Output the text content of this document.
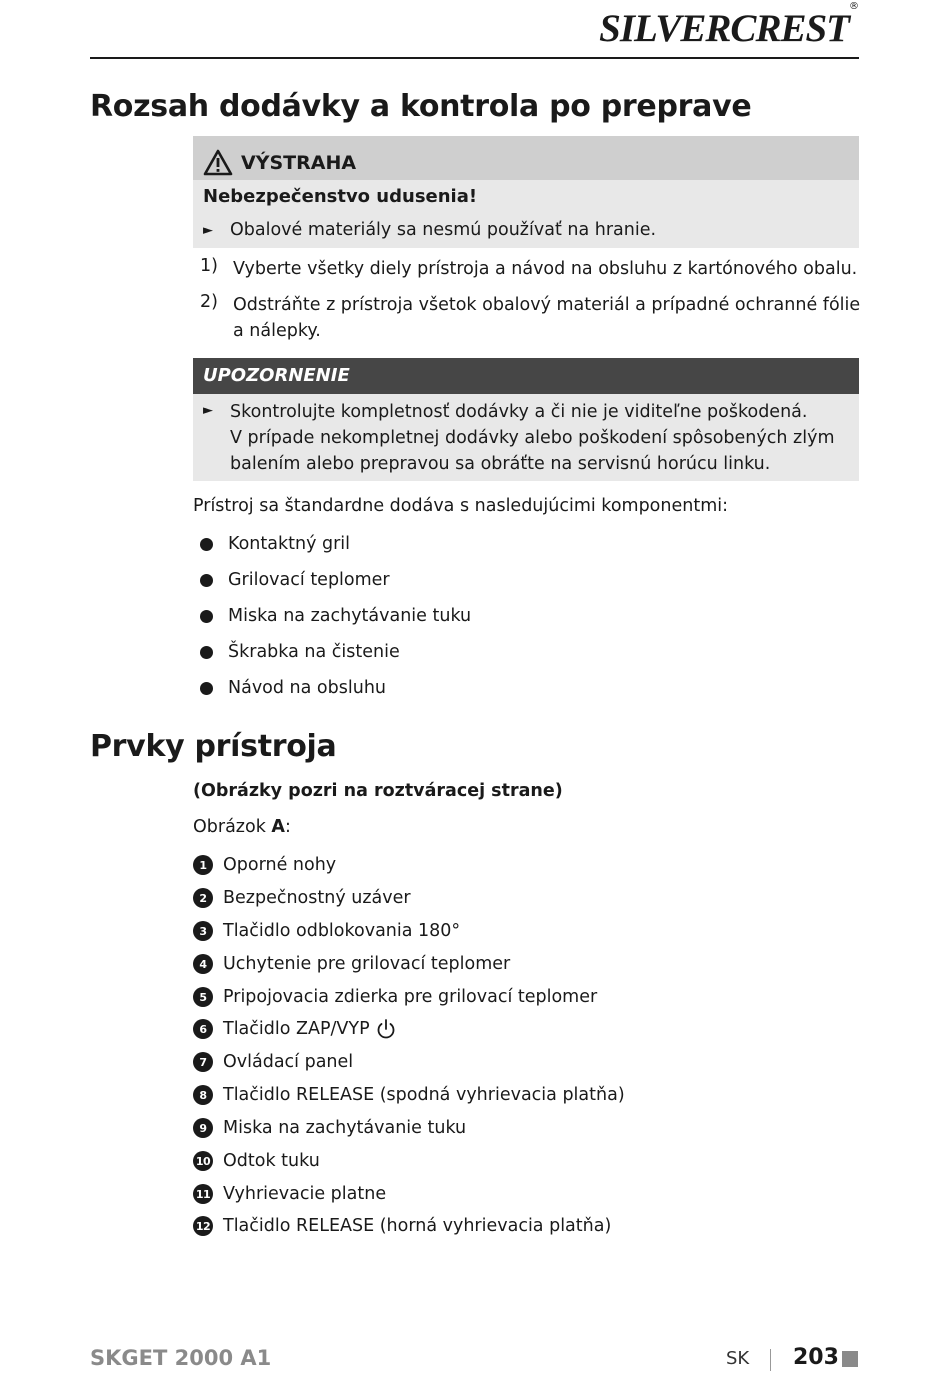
SILVERCREST®
Rozsah dodávky a kontrola po preprave
VÝSTRAHA
Nebezpečenstvo udusenia!
► Obalové materiály sa nesmú používať na hranie.
1) Vyberte všetky diely prístroja a návod na obsluhu z kartónového obalu.
2) Odstráňte z prístroja všetok obalový materiál a prípadné ochranné fólie
a nálepky.
UPOZORNENIE
► Skontrolujte kompletnosť dodávky a či nie je viditeľne poškodená.
V prípade nekompletnej dodávky alebo poškodení spôsobených zlým
balením alebo prepravou sa obráťte na servisnú horúcu linku.
Prístroj sa štandardne dodáva s nasledujúcimi komponentmi:
Kontaktný gril
Grilovací teplomer
Miska na zachytávanie tuku
Škrabka na čistenie
Návod na obsluhu
Prvky prístroja
(Obrázky pozri na roztváracej strane)
Obrázok A:
1 Oporné nohy
2 Bezpečnostný uzáver
3 Tlačidlo odblokovania 180°
4 Uchytenie pre grilovací teplomer
5 Pripojovacia zdierka pre grilovací teplomer
6 Tlačidlo ZAP/VYP
7 Ovládací panel
8 Tlačidlo RELEASE (spodná vyhrievacia platňa)
9 Miska na zachytávanie tuku
10 Odtok tuku
11 Vyhrievacie platne
12 Tlačidlo RELEASE (horná vyhrievacia platňa)
SKGET 2000 A1	SK 203
